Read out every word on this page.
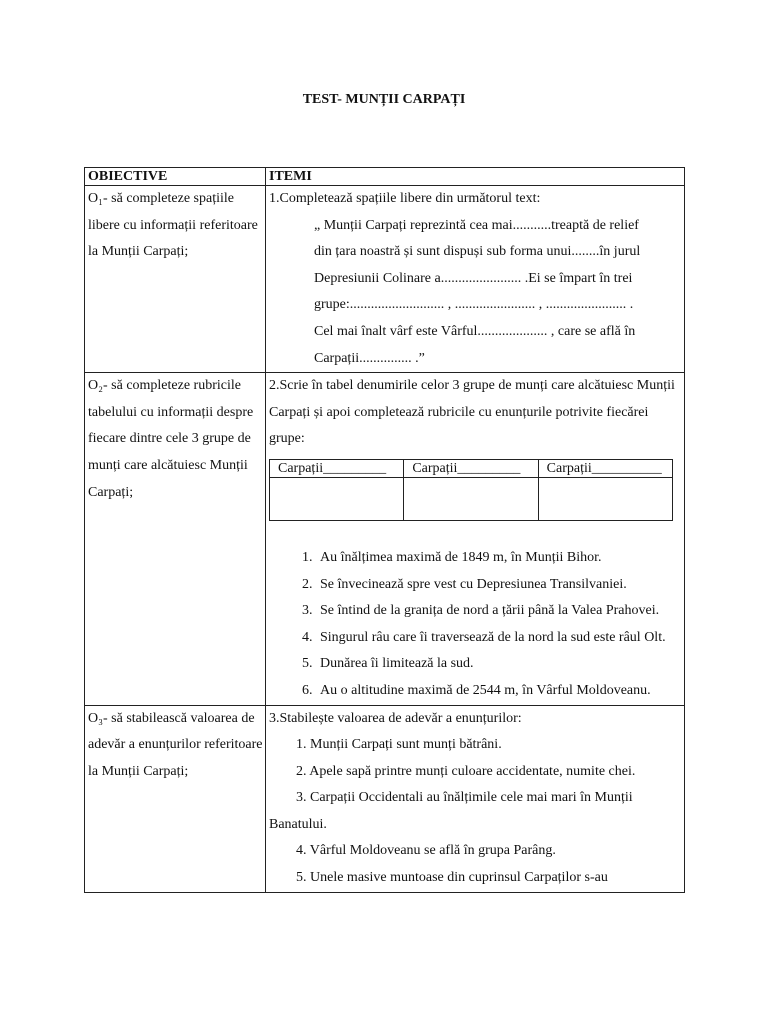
TEST- MUNȚII CARPAȚI
OBIECTIVE	ITEMI
O₁- să completeze spațiile libere cu informații referitoare la Munții Carpați;	
1.Completează spațiile libere din următorul text:
„ Munții Carpați reprezintă cea mai...........treaptă de relief
din țara noastră și sunt dispuși sub forma unui........în jurul
Depresiunii Colinare a....................... .Ei se împart în trei
grupe:........................... , ....................... , ....................... .
Cel mai înalt vârf este Vârful.................... , care se află în
Carpații............... .”

O₂- să completeze rubricile tabelului cu informații despre fiecare dintre cele 3 grupe de munți care alcătuiesc Munții Carpați;	
2.Scrie în tabel denumirile celor 3 grupe de munți care alcătuiesc Munții Carpați și apoi completează rubricile cu enunțurile potrivite fiecărei grupe:
Carpații_________	Carpații_________	Carpații__________

1. Au înălțimea maximă de 1849 m, în Munții Bihor.
2. Se învecinează spre vest cu Depresiunea Transilvaniei.
3. Se întind de la granița de nord a țării până la Valea Prahovei.
4. Singurul râu care îi traversează de la nord la sud este râul Olt.
5. Dunărea îi limitează la sud.
6. Au o altitudine maximă de 2544 m, în Vârful Moldoveanu.

O₃- să stabilească valoarea de adevăr a enunțurilor referitoare la Munții Carpați;	
3.Stabilește valoarea de adevăr a enunțurilor:
1. Munții Carpați sunt munți bătrâni.
2. Apele sapă printre munți culoare accidentate, numite chei.
3. Carpații Occidentali au înălțimile cele mai mari în Munții Banatului.
4. Vârful Moldoveanu se află în grupa Parâng.
5. Unele masive muntoase din cuprinsul Carpaților s-au
